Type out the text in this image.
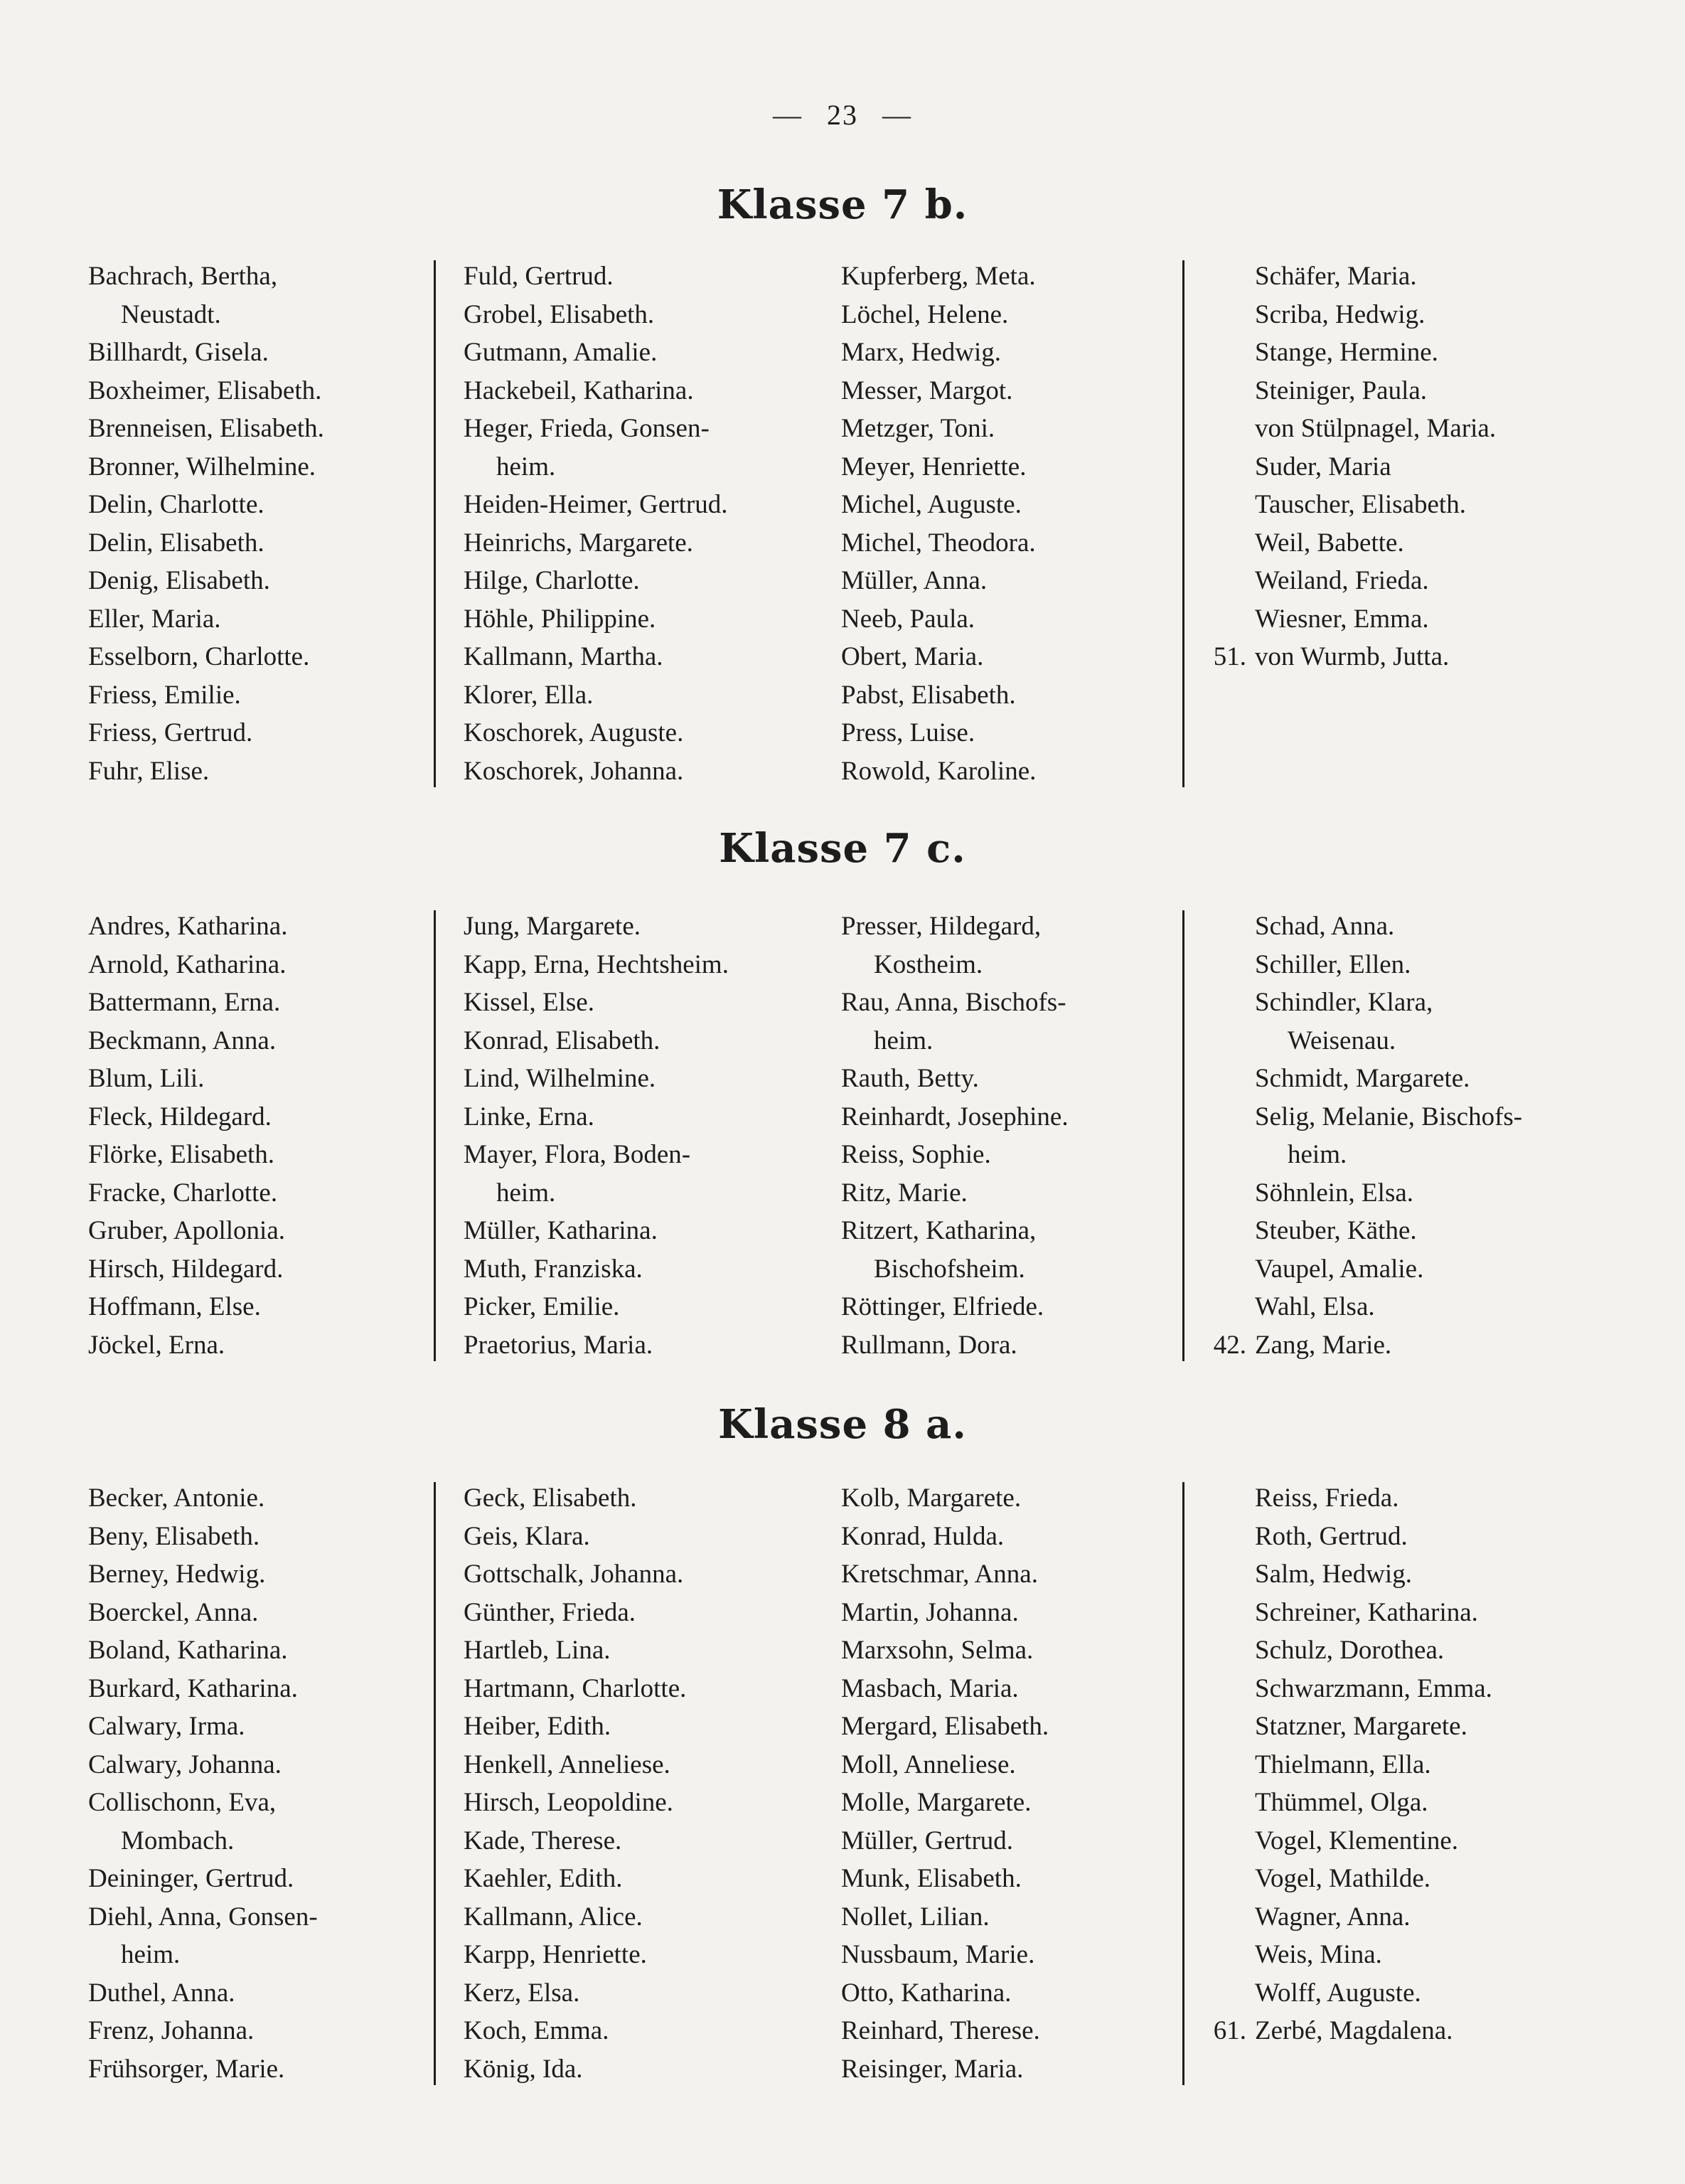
— 23 —
Klasse 7 b.
Bachrach, Bertha,
Neustadt.
Billhardt, Gisela.
Boxheimer, Elisabeth.
Brenneisen, Elisabeth.
Bronner, Wilhelmine.
Delin, Charlotte.
Delin, Elisabeth.
Denig, Elisabeth.
Eller, Maria.
Esselborn, Charlotte.
Friess, Emilie.
Friess, Gertrud.
Fuhr, Elise.
Fuld, Gertrud.
Grobel, Elisabeth.
Gutmann, Amalie.
Hackebeil, Katharina.
Heger, Frieda, Gonsen-
heim.
Heiden-Heimer, Gertrud.
Heinrichs, Margarete.
Hilge, Charlotte.
Höhle, Philippine.
Kallmann, Martha.
Klorer, Ella.
Koschorek, Auguste.
Koschorek, Johanna.
Kupferberg, Meta.
Löchel, Helene.
Marx, Hedwig.
Messer, Margot.
Metzger, Toni.
Meyer, Henriette.
Michel, Auguste.
Michel, Theodora.
Müller, Anna.
Neeb, Paula.
Obert, Maria.
Pabst, Elisabeth.
Press, Luise.
Rowold, Karoline.
Schäfer, Maria.
Scriba, Hedwig.
Stange, Hermine.
Steiniger, Paula.
von Stülpnagel, Maria.
Suder, Maria
Tauscher, Elisabeth.
Weil, Babette.
Weiland, Frieda.
Wiesner, Emma.
51. von Wurmb, Jutta.
Klasse 7 c.
Andres, Katharina.
Arnold, Katharina.
Battermann, Erna.
Beckmann, Anna.
Blum, Lili.
Fleck, Hildegard.
Flörke, Elisabeth.
Fracke, Charlotte.
Gruber, Apollonia.
Hirsch, Hildegard.
Hoffmann, Else.
Jöckel, Erna.
Jung, Margarete.
Kapp, Erna, Hechtsheim.
Kissel, Else.
Konrad, Elisabeth.
Lind, Wilhelmine.
Linke, Erna.
Mayer, Flora, Boden-
heim.
Müller, Katharina.
Muth, Franziska.
Picker, Emilie.
Praetorius, Maria.
Presser, Hildegard,
Kostheim.
Rau, Anna, Bischofs-
heim.
Rauth, Betty.
Reinhardt, Josephine.
Reiss, Sophie.
Ritz, Marie.
Ritzert, Katharina,
Bischofsheim.
Röttinger, Elfriede.
Rullmann, Dora.
Schad, Anna.
Schiller, Ellen.
Schindler, Klara,
Weisenau.
Schmidt, Margarete.
Selig, Melanie, Bischofs-
heim.
Söhnlein, Elsa.
Steuber, Käthe.
Vaupel, Amalie.
Wahl, Elsa.
42. Zang, Marie.
Klasse 8 a.
Becker, Antonie.
Beny, Elisabeth.
Berney, Hedwig.
Boerckel, Anna.
Boland, Katharina.
Burkard, Katharina.
Calwary, Irma.
Calwary, Johanna.
Collischonn, Eva,
Mombach.
Deininger, Gertrud.
Diehl, Anna, Gonsen-
heim.
Duthel, Anna.
Frenz, Johanna.
Frühsorger, Marie.
Geck, Elisabeth.
Geis, Klara.
Gottschalk, Johanna.
Günther, Frieda.
Hartleb, Lina.
Hartmann, Charlotte.
Heiber, Edith.
Henkell, Anneliese.
Hirsch, Leopoldine.
Kade, Therese.
Kaehler, Edith.
Kallmann, Alice.
Karpp, Henriette.
Kerz, Elsa.
Koch, Emma.
König, Ida.
Kolb, Margarete.
Konrad, Hulda.
Kretschmar, Anna.
Martin, Johanna.
Marxsohn, Selma.
Masbach, Maria.
Mergard, Elisabeth.
Moll, Anneliese.
Molle, Margarete.
Müller, Gertrud.
Munk, Elisabeth.
Nollet, Lilian.
Nussbaum, Marie.
Otto, Katharina.
Reinhard, Therese.
Reisinger, Maria.
Reiss, Frieda.
Roth, Gertrud.
Salm, Hedwig.
Schreiner, Katharina.
Schulz, Dorothea.
Schwarzmann, Emma.
Statzner, Margarete.
Thielmann, Ella.
Thümmel, Olga.
Vogel, Klementine.
Vogel, Mathilde.
Wagner, Anna.
Weis, Mina.
Wolff, Auguste.
61. Zerbé, Magdalena.
